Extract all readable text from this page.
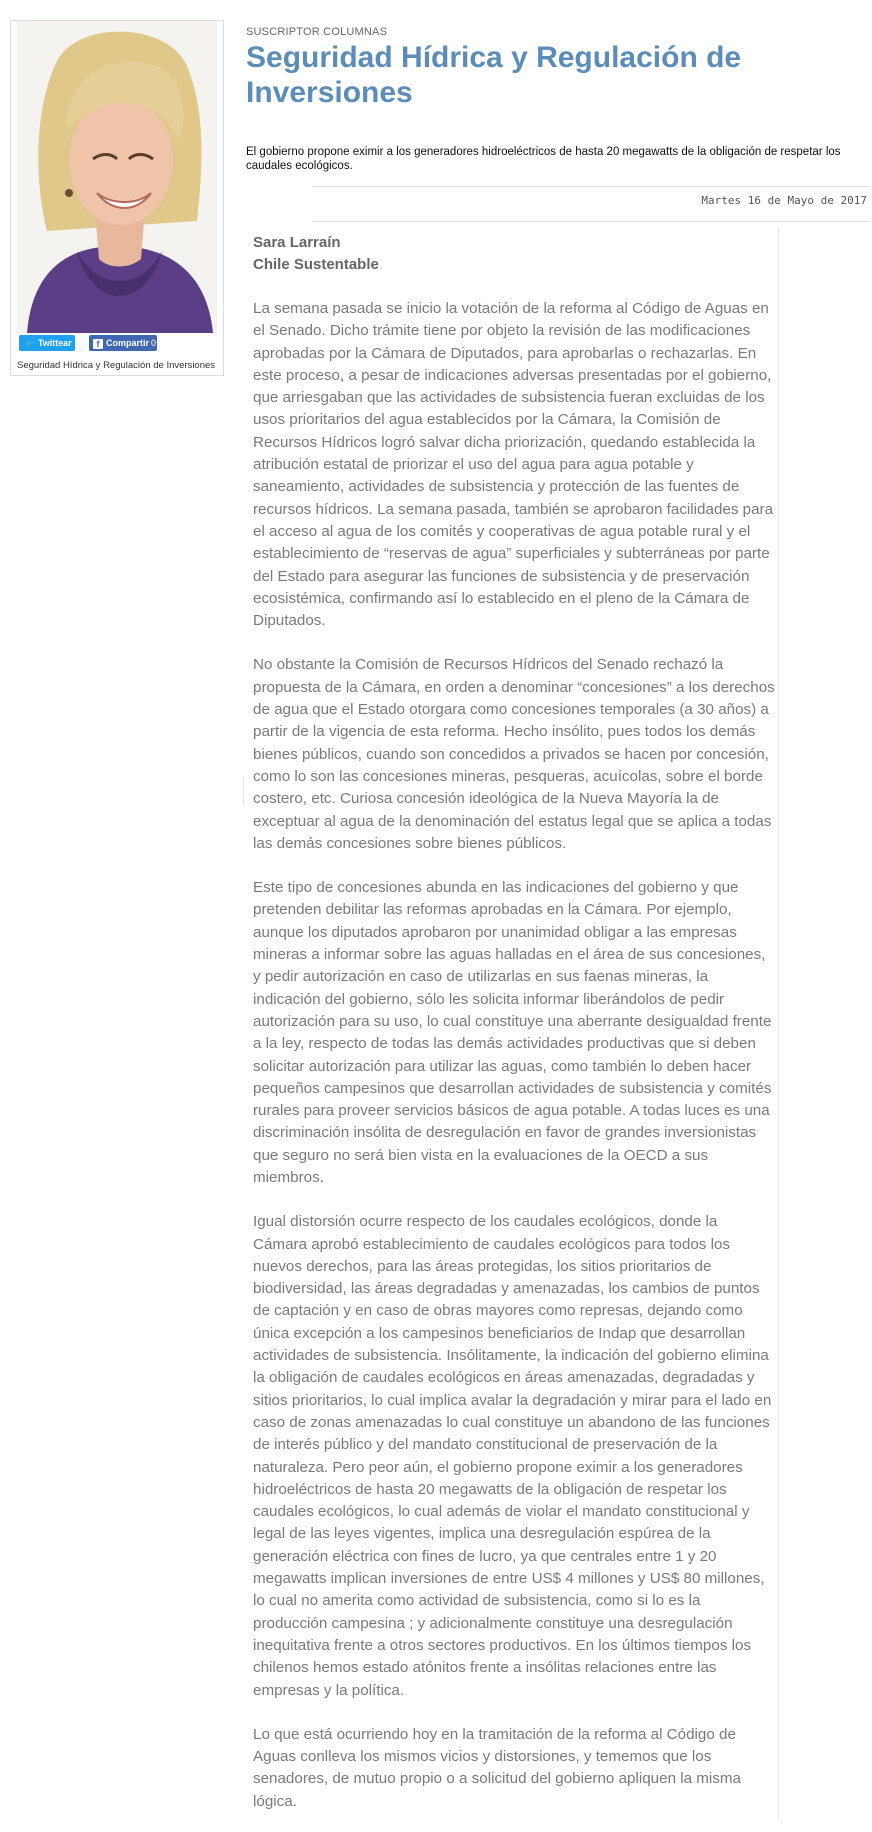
🐦 Twittear	f Compartir 0
Seguridad Hídrica y Regulación de Inversiones
SUSCRIPTOR COLUMNAS
Seguridad Hídrica y Regulación de Inversiones
El gobierno propone eximir a los generadores hidroeléctricos de hasta 20 megawatts de la obligación de respetar los caudales ecológicos.
Martes 16 de Mayo de 2017
Sara Larraín
Chile Sustentable

La semana pasada se inicio la votación de la reforma al Código de Aguas en el Senado. Dicho trámite tiene por objeto la revisión de las modificaciones aprobadas por la Cámara de Diputados, para aprobarlas o rechazarlas. En este proceso, a pesar de indicaciones adversas presentadas por el gobierno, que arriesgaban que las actividades de subsistencia fueran excluidas de los usos prioritarios del agua establecidos por la Cámara, la Comisión de Recursos Hídricos logró salvar dicha priorización, quedando establecida la atribución estatal de priorizar el uso del agua para agua potable y saneamiento, actividades de subsistencia y protección de las fuentes de recursos hídricos. La semana pasada, también se aprobaron facilidades para el acceso al agua de los comités y cooperativas de agua potable rural y el establecimiento de “reservas de agua” superficiales y subterráneas por parte del Estado para asegurar las funciones de subsistencia y de preservación ecosistémica, confirmando así lo establecido en el pleno de la Cámara de Diputados.

No obstante la Comisión de Recursos Hídricos del Senado rechazó la propuesta de la Cámara, en orden a denominar “concesiones” a los derechos de agua que el Estado otorgara como concesiones temporales (a 30 años) a partir de la vigencia de esta reforma. Hecho insólito, pues todos los demás bienes públicos, cuando son concedidos a privados se hacen por concesión, como lo son las concesiones mineras, pesqueras, acuícolas, sobre el borde costero, etc. Curiosa concesión ideológica de la Nueva Mayoría la de exceptuar al agua de la denominación del estatus legal que se aplica a todas las demás concesiones sobre bienes públicos.

Este tipo de concesiones abunda en las indicaciones del gobierno y que pretenden debilitar las reformas aprobadas en la Cámara. Por ejemplo, aunque los diputados aprobaron por unanimidad obligar a las empresas mineras a informar sobre las aguas halladas en el área de sus concesiones, y pedir autorización en caso de utilizarlas en sus faenas mineras, la indicación del gobierno, sólo les solicita informar liberándolos de pedir autorización para su uso, lo cual constituye una aberrante desigualdad frente a la ley, respecto de todas las demás actividades productivas que si deben solicitar autorización para utilizar las aguas, como también lo deben hacer pequeños campesinos que desarrollan actividades de subsistencia y comités rurales para proveer servicios básicos de agua potable. A todas luces es una discriminación insólita de desregulación en favor de grandes inversionistas que seguro no será bien vista en la evaluaciones de la OECD a sus miembros.

Igual distorsión ocurre respecto de los caudales ecológicos, donde la Cámara aprobó establecimiento de caudales ecológicos para todos los nuevos derechos, para las áreas protegidas, los sitios prioritarios de biodiversidad, las áreas degradadas y amenazadas, los cambios de puntos de captación y en caso de obras mayores como represas, dejando como única excepción a los campesinos beneficiarios de Indap que desarrollan actividades de subsistencia. Insólitamente, la indicación del gobierno elimina la obligación de caudales ecológicos en áreas amenazadas, degradadas y sitios prioritarios, lo cual implica avalar la degradación y mirar para el lado en caso de zonas amenazadas lo cual constituye un abandono de las funciones de interés público y del mandato constitucional de preservación de la naturaleza. Pero peor aún, el gobierno propone eximir a los generadores hidroeléctricos de hasta 20 megawatts de la obligación de respetar los caudales ecológicos, lo cual además de violar el mandato constitucional y legal de las leyes vigentes, implica una desregulación espúrea de la generación eléctrica con fines de lucro, ya que centrales entre 1 y 20 megawatts implican inversiones de entre US$ 4 millones y US$ 80 millones, lo cual no amerita como actividad de subsistencia, como si lo es la producción campesina ; y adicionalmente constituye una desregulación inequitativa frente a otros sectores productivos. En los últimos tiempos los chilenos hemos estado atónitos frente a insólitas relaciones entre las empresas y la política.

Lo que está ocurriendo hoy en la tramitación de la reforma al Código de Aguas conlleva los mismos vicios y distorsiones, y tememos que los senadores, de mutuo propio o a solicitud del gobierno apliquen la misma lógica.
